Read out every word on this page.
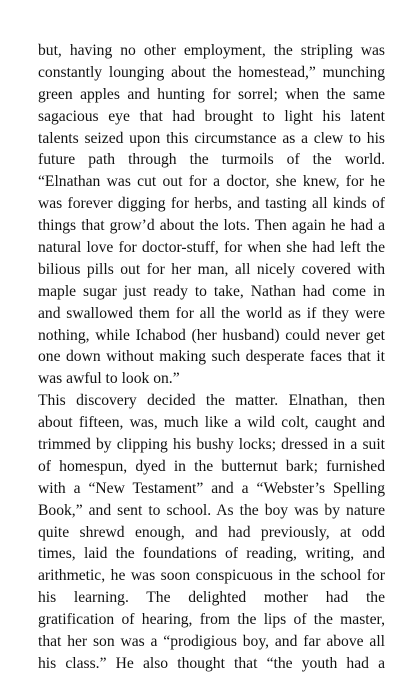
but, having no other employment, the stripling was
constantly lounging about the homestead,” munching
green apples and hunting for sorrel; when the same
sagacious eye that had brought to light his latent
talents seized upon this circumstance as a clew to his
future path through the turmoils of the world.
“Elnathan was cut out for a doctor, she knew, for he
was forever digging for herbs, and tasting all kinds of
things that grow’d about the lots. Then again he had a
natural love for doctor-stuff, for when she had left the
bilious pills out for her man, all nicely covered with
maple sugar just ready to take, Nathan had come in
and swallowed them for all the world as if they were
nothing, while Ichabod (her husband) could never get
one down without making such desperate faces that it
was awful to look on.”
This discovery decided the matter. Elnathan, then
about fifteen, was, much like a wild colt, caught and
trimmed by clipping his bushy locks; dressed in a suit
of homespun, dyed in the butternut bark; furnished
with a “New Testament” and a “Webster’s Spelling
Book,” and sent to school. As the boy was by nature
quite shrewd enough, and had previously, at odd
times, laid the foundations of reading, writing, and
arithmetic, he was soon conspicuous in the school for
his learning. The delighted mother had the
gratification of hearing, from the lips of the master,
that her son was a “prodigious boy, and far above all
his class.” He also thought that “the youth had a
